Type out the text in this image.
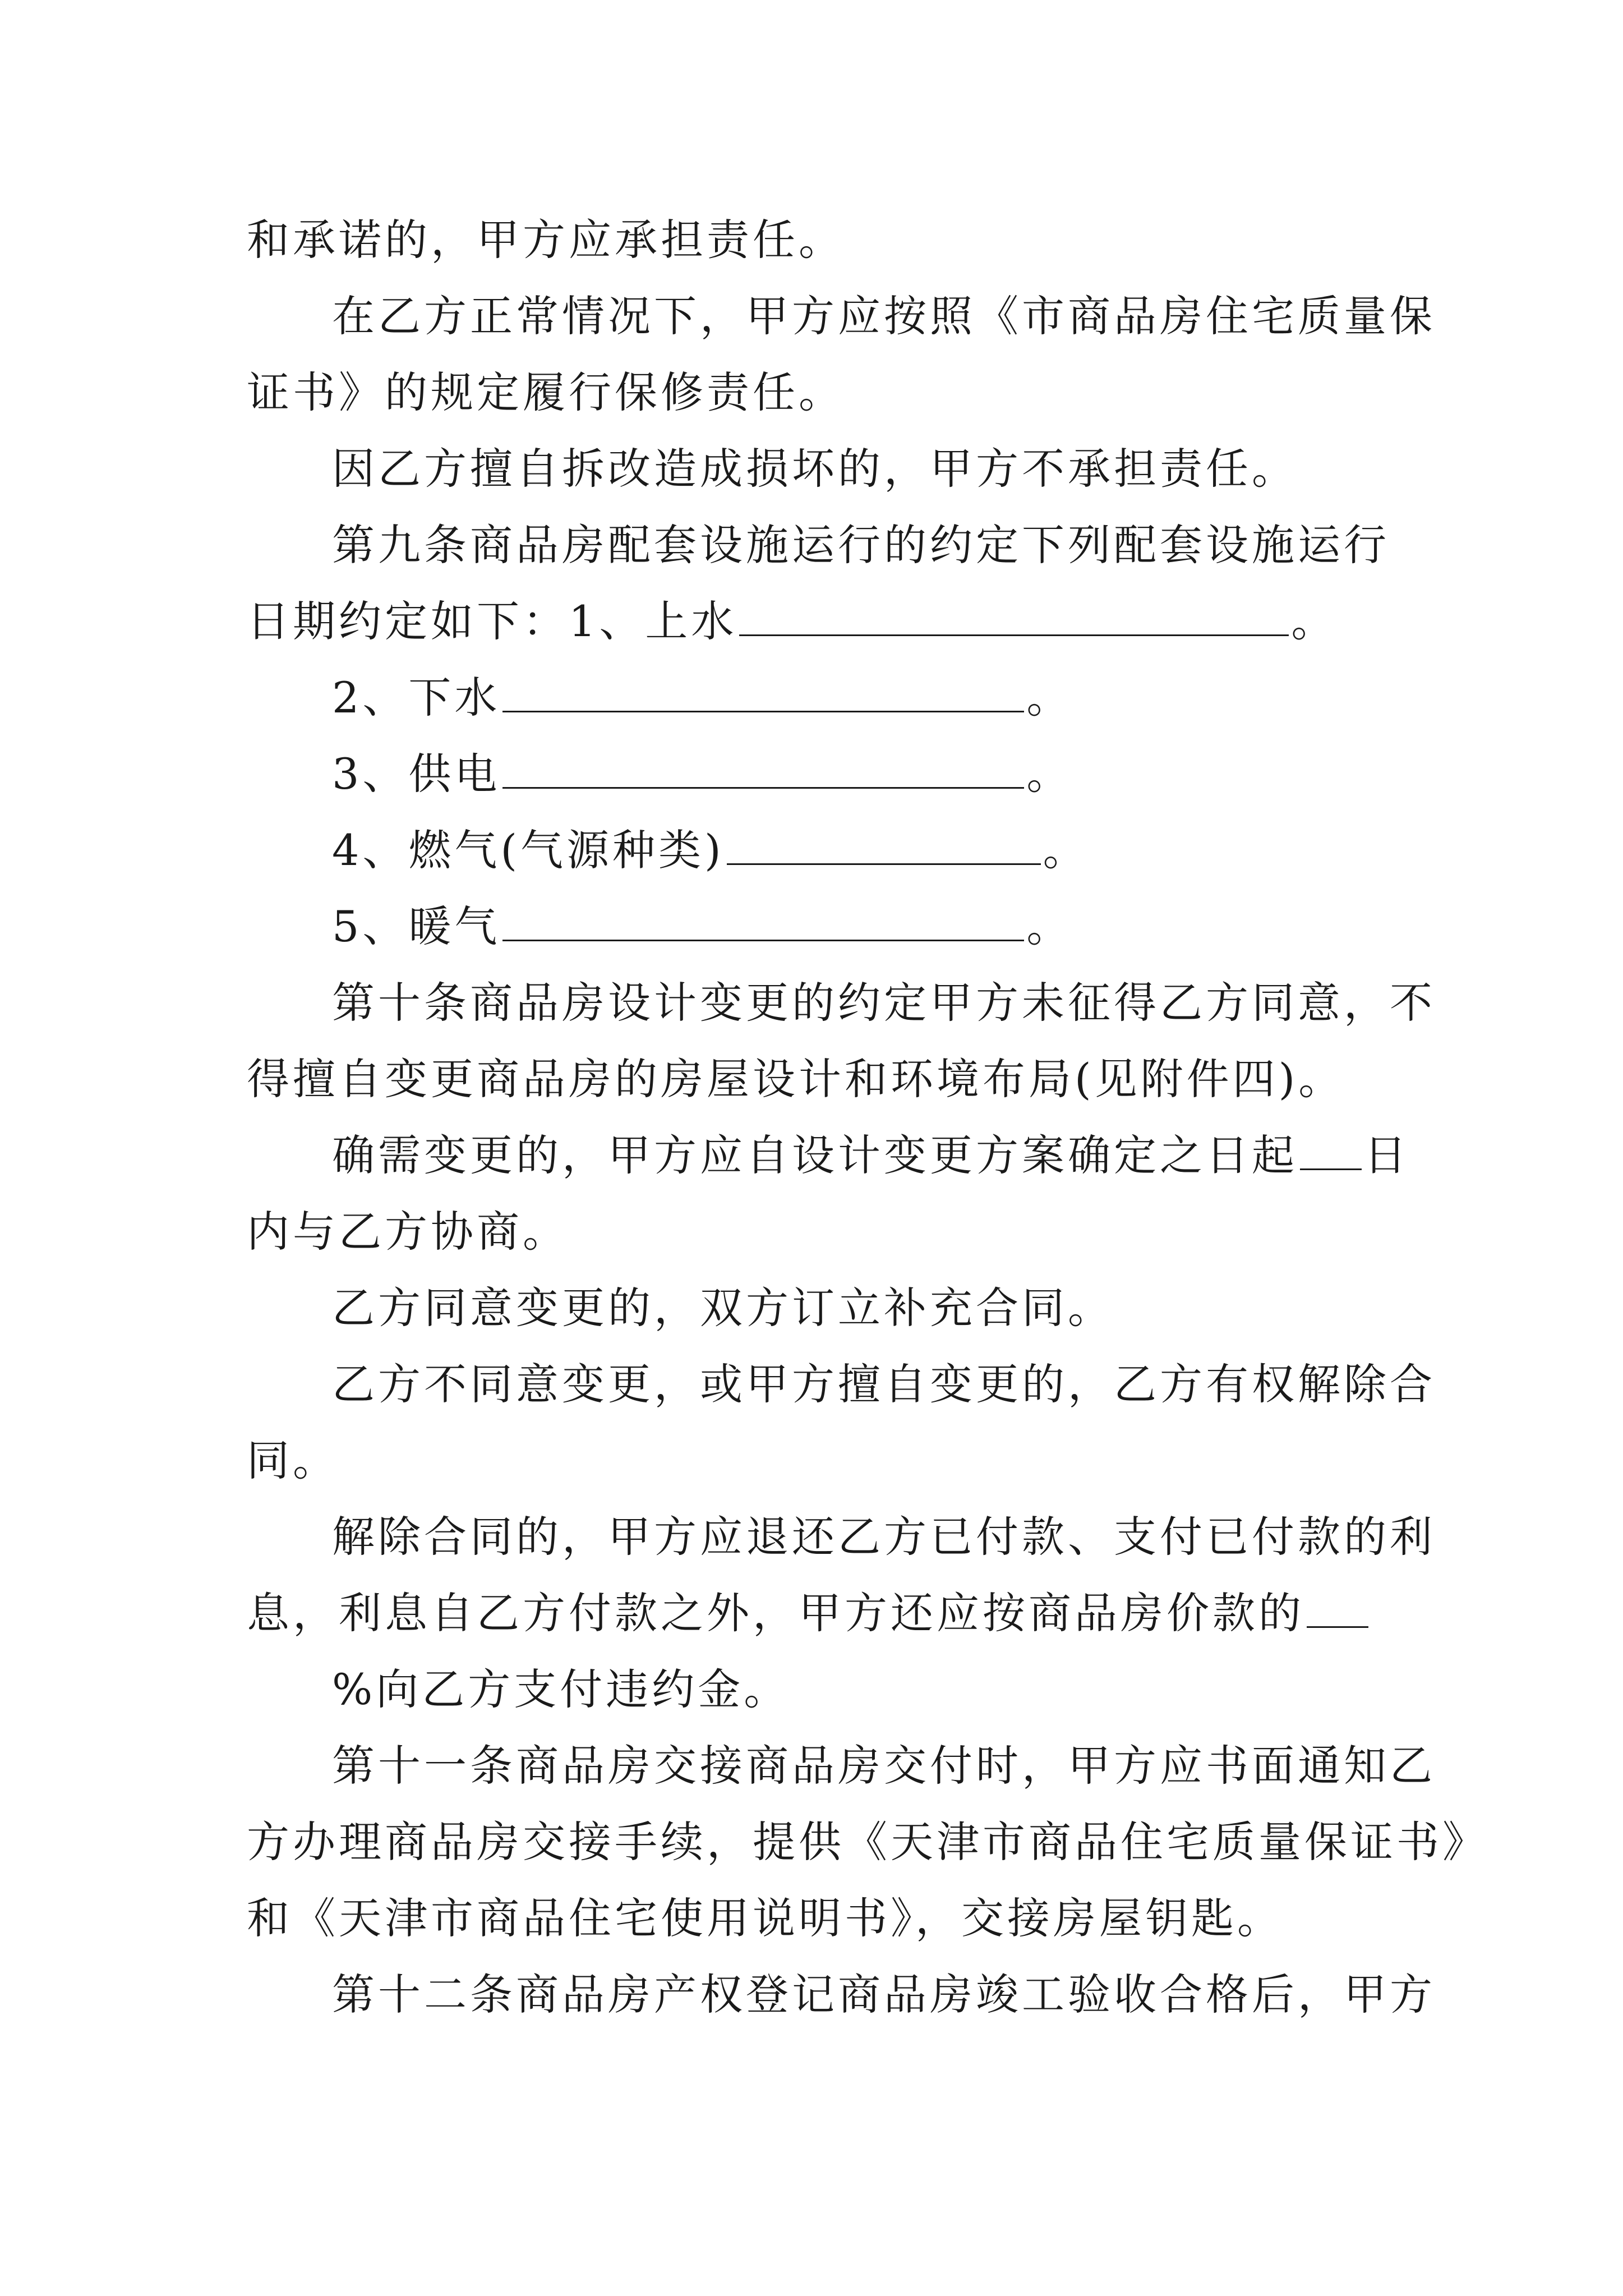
和承诺的，甲方应承担责任。
在乙方正常情况下，甲方应按照《市商品房住宅质量保
证书》的规定履行保修责任。
因乙方擅自拆改造成损坏的，甲方不承担责任。
第九条商品房配套设施运行的约定下列配套设施运行
日期约定如下：1、上水	。
2、下水	。
3、供电	。
4、燃气(气源种类)	。
5、暖气	。
第十条商品房设计变更的约定甲方未征得乙方同意，不
得擅自变更商品房的房屋设计和环境布局(见附件四)。
确需变更的，甲方应自设计变更方案确定之日起 日
内与乙方协商。
乙方同意变更的，双方订立补充合同。
乙方不同意变更，或甲方擅自变更的，乙方有权解除合
同。
解除合同的，甲方应退还乙方已付款、支付已付款的利
息，利息自乙方付款之外，甲方还应按商品房价款的
%向乙方支付违约金。
第十一条商品房交接商品房交付时，甲方应书面通知乙
方办理商品房交接手续，提供《天津市商品住宅质量保证书》
和《天津市商品住宅使用说明书》，交接房屋钥匙。
第十二条商品房产权登记商品房竣工验收合格后，甲方
